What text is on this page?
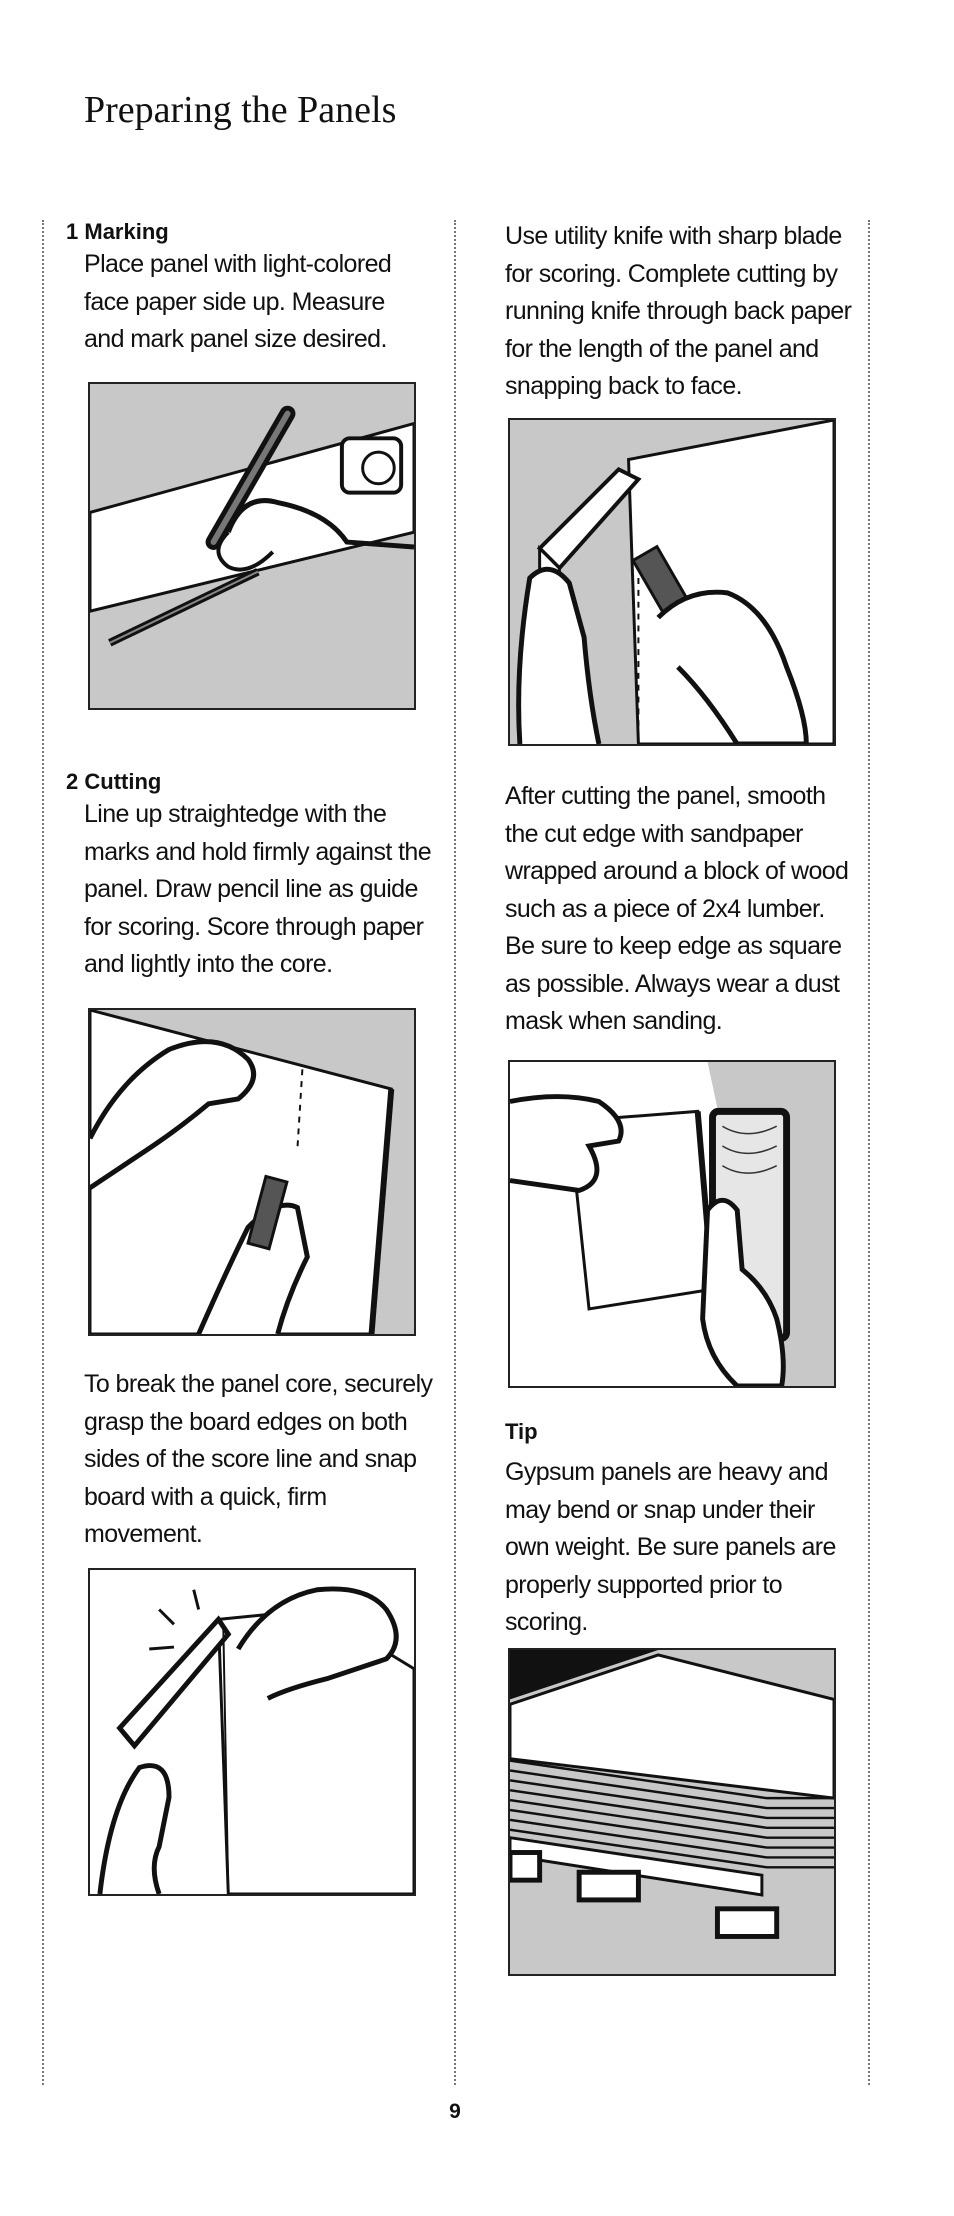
Preparing the Panels

1 Marking

Place panel with light-colored face paper side up. Measure and mark panel size desired.

2 Cutting

Line up straightedge with the marks and hold firmly against the panel. Draw pencil line as guide for scoring. Score through paper and lightly into the core.

To break the panel core, securely grasp the board edges on both sides of the score line and snap board with a quick, firm movement.

Use utility knife with sharp blade for scoring. Complete cutting by running knife through back paper for the length of the panel and snapping back to face.

After cutting the panel, smooth the cut edge with sandpaper wrapped around a block of wood such as a piece of 2x4 lumber. Be sure to keep edge as square as possible. Always wear a dust mask when sanding.

Tip

Gypsum panels are heavy and may bend or snap under their own weight. Be sure panels are properly supported prior to scoring.

9
